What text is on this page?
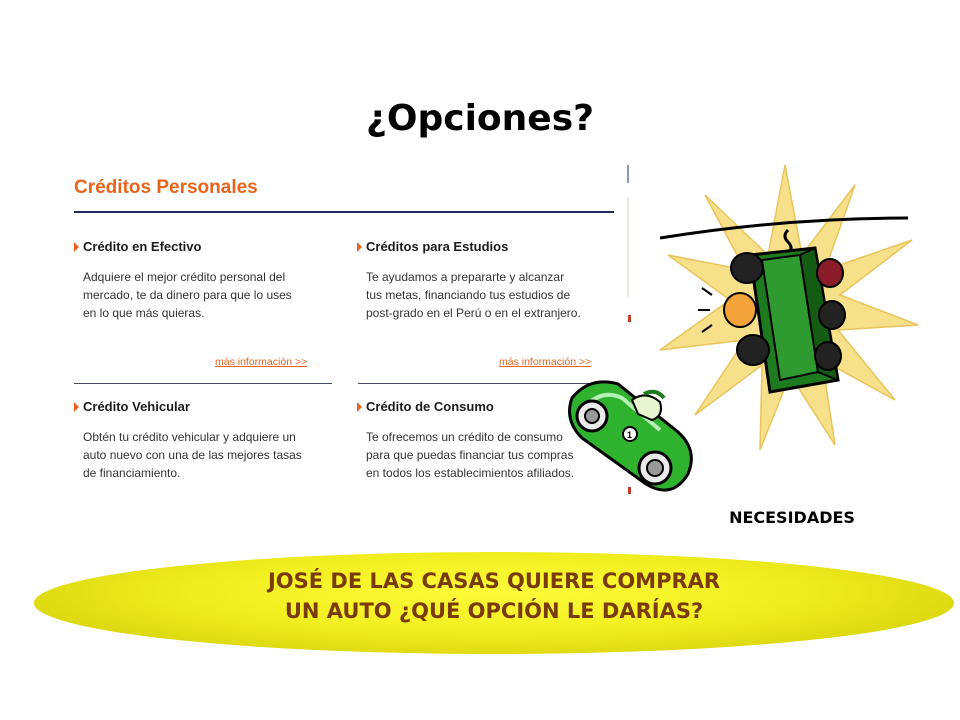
¿Opciones?
Créditos Personales
Crédito en Efectivo
Adquiere el mejor crédito personal del
mercado, te da dinero para que lo uses
en lo que más quieras.
Créditos para Estudios
Te ayudamos a prepararte y alcanzar
tus metas, financiando tus estudios de
post-grado en el Perú o en el extranjero.
más información >>	más información >>
Crédito Vehicular
Obtén tu crédito vehicular y adquiere un
auto nuevo con una de las mejores tasas
de financiamiento.
Crédito de Consumo
Te ofrecemos un crédito de consumo
para que puedas financiar tus compras
en todos los establecimientos afiliados.
1
NECESIDADES
JOSÉ DE LAS CASAS QUIERE COMPRAR
UN AUTO ¿QUÉ OPCIÓN LE DARÍAS?
